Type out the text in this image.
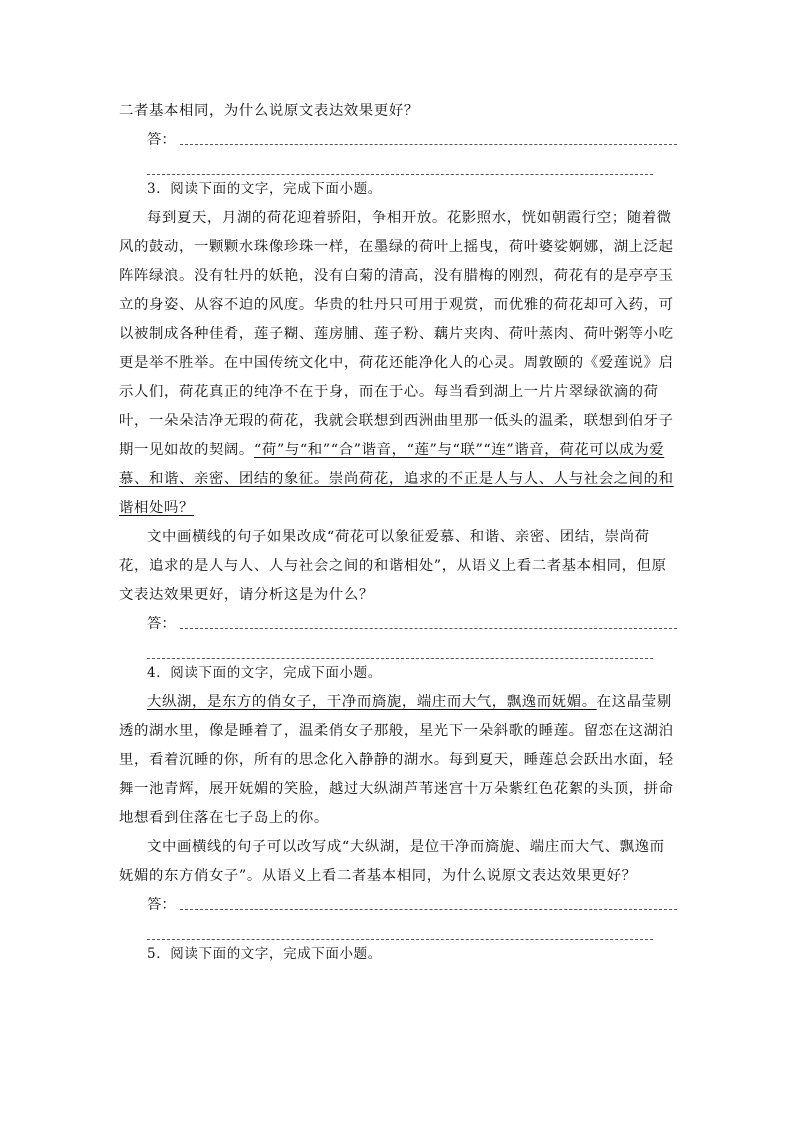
二者基本相同，为什么说原文表达效果更好？

答：

3．阅读下面的文字，完成下面小题。

每到夏天，月湖的荷花迎着骄阳，争相开放。花影照水，恍如朝霞行空；随着微风的鼓动，一颗颗水珠像珍珠一样，在墨绿的荷叶上摇曳，荷叶婆娑婀娜，湖上泛起阵阵绿浪。没有牡丹的妖艳，没有白菊的清高，没有腊梅的刚烈，荷花有的是亭亭玉立的身姿、从容不迫的风度。华贵的牡丹只可用于观赏，而优雅的荷花却可入药，可以被制成各种佳肴，莲子糊、莲房脯、莲子粉、藕片夹肉、荷叶蒸肉、荷叶粥等小吃更是举不胜举。在中国传统文化中，荷花还能净化人的心灵。周敦颐的《爱莲说》启示人们，荷花真正的纯净不在于身，而在于心。每当看到湖上一片片翠绿欲滴的荷叶，一朵朵洁净无瑕的荷花，我就会联想到西洲曲里那一低头的温柔，联想到伯牙子期一见如故的契阔。“荷”与“和”“合”谐音，“莲”与“联”“连”谐音，荷花可以成为爱慕、和谐、亲密、团结的象征。崇尚荷花，追求的不正是人与人、人与社会之间的和谐相处吗？

文中画横线的句子如果改成“荷花可以象征爱慕、和谐、亲密、团结，崇尚荷花，追求的是人与人、人与社会之间的和谐相处”，从语义上看二者基本相同，但原文表达效果更好，请分析这是为什么？

答：

4．阅读下面的文字，完成下面小题。

大纵湖，是东方的俏女子，干净而旖旎，端庄而大气，飘逸而妩媚。在这晶莹剔透的湖水里，像是睡着了，温柔俏女子那般，星光下一朵斜歌的睡莲。留恋在这湖泊里，看着沉睡的你，所有的思念化入静静的湖水。每到夏天，睡莲总会跃出水面，轻舞一池青辉，展开妩媚的笑脸，越过大纵湖芦苇迷宫十万朵紫红色花絮的头顶，拼命地想看到住落在七子岛上的你。

文中画横线的句子可以改写成“大纵湖，是位干净而旖旎、端庄而大气、飘逸而妩媚的东方俏女子”。从语义上看二者基本相同，为什么说原文表达效果更好？

答：

5．阅读下面的文字，完成下面小题。
